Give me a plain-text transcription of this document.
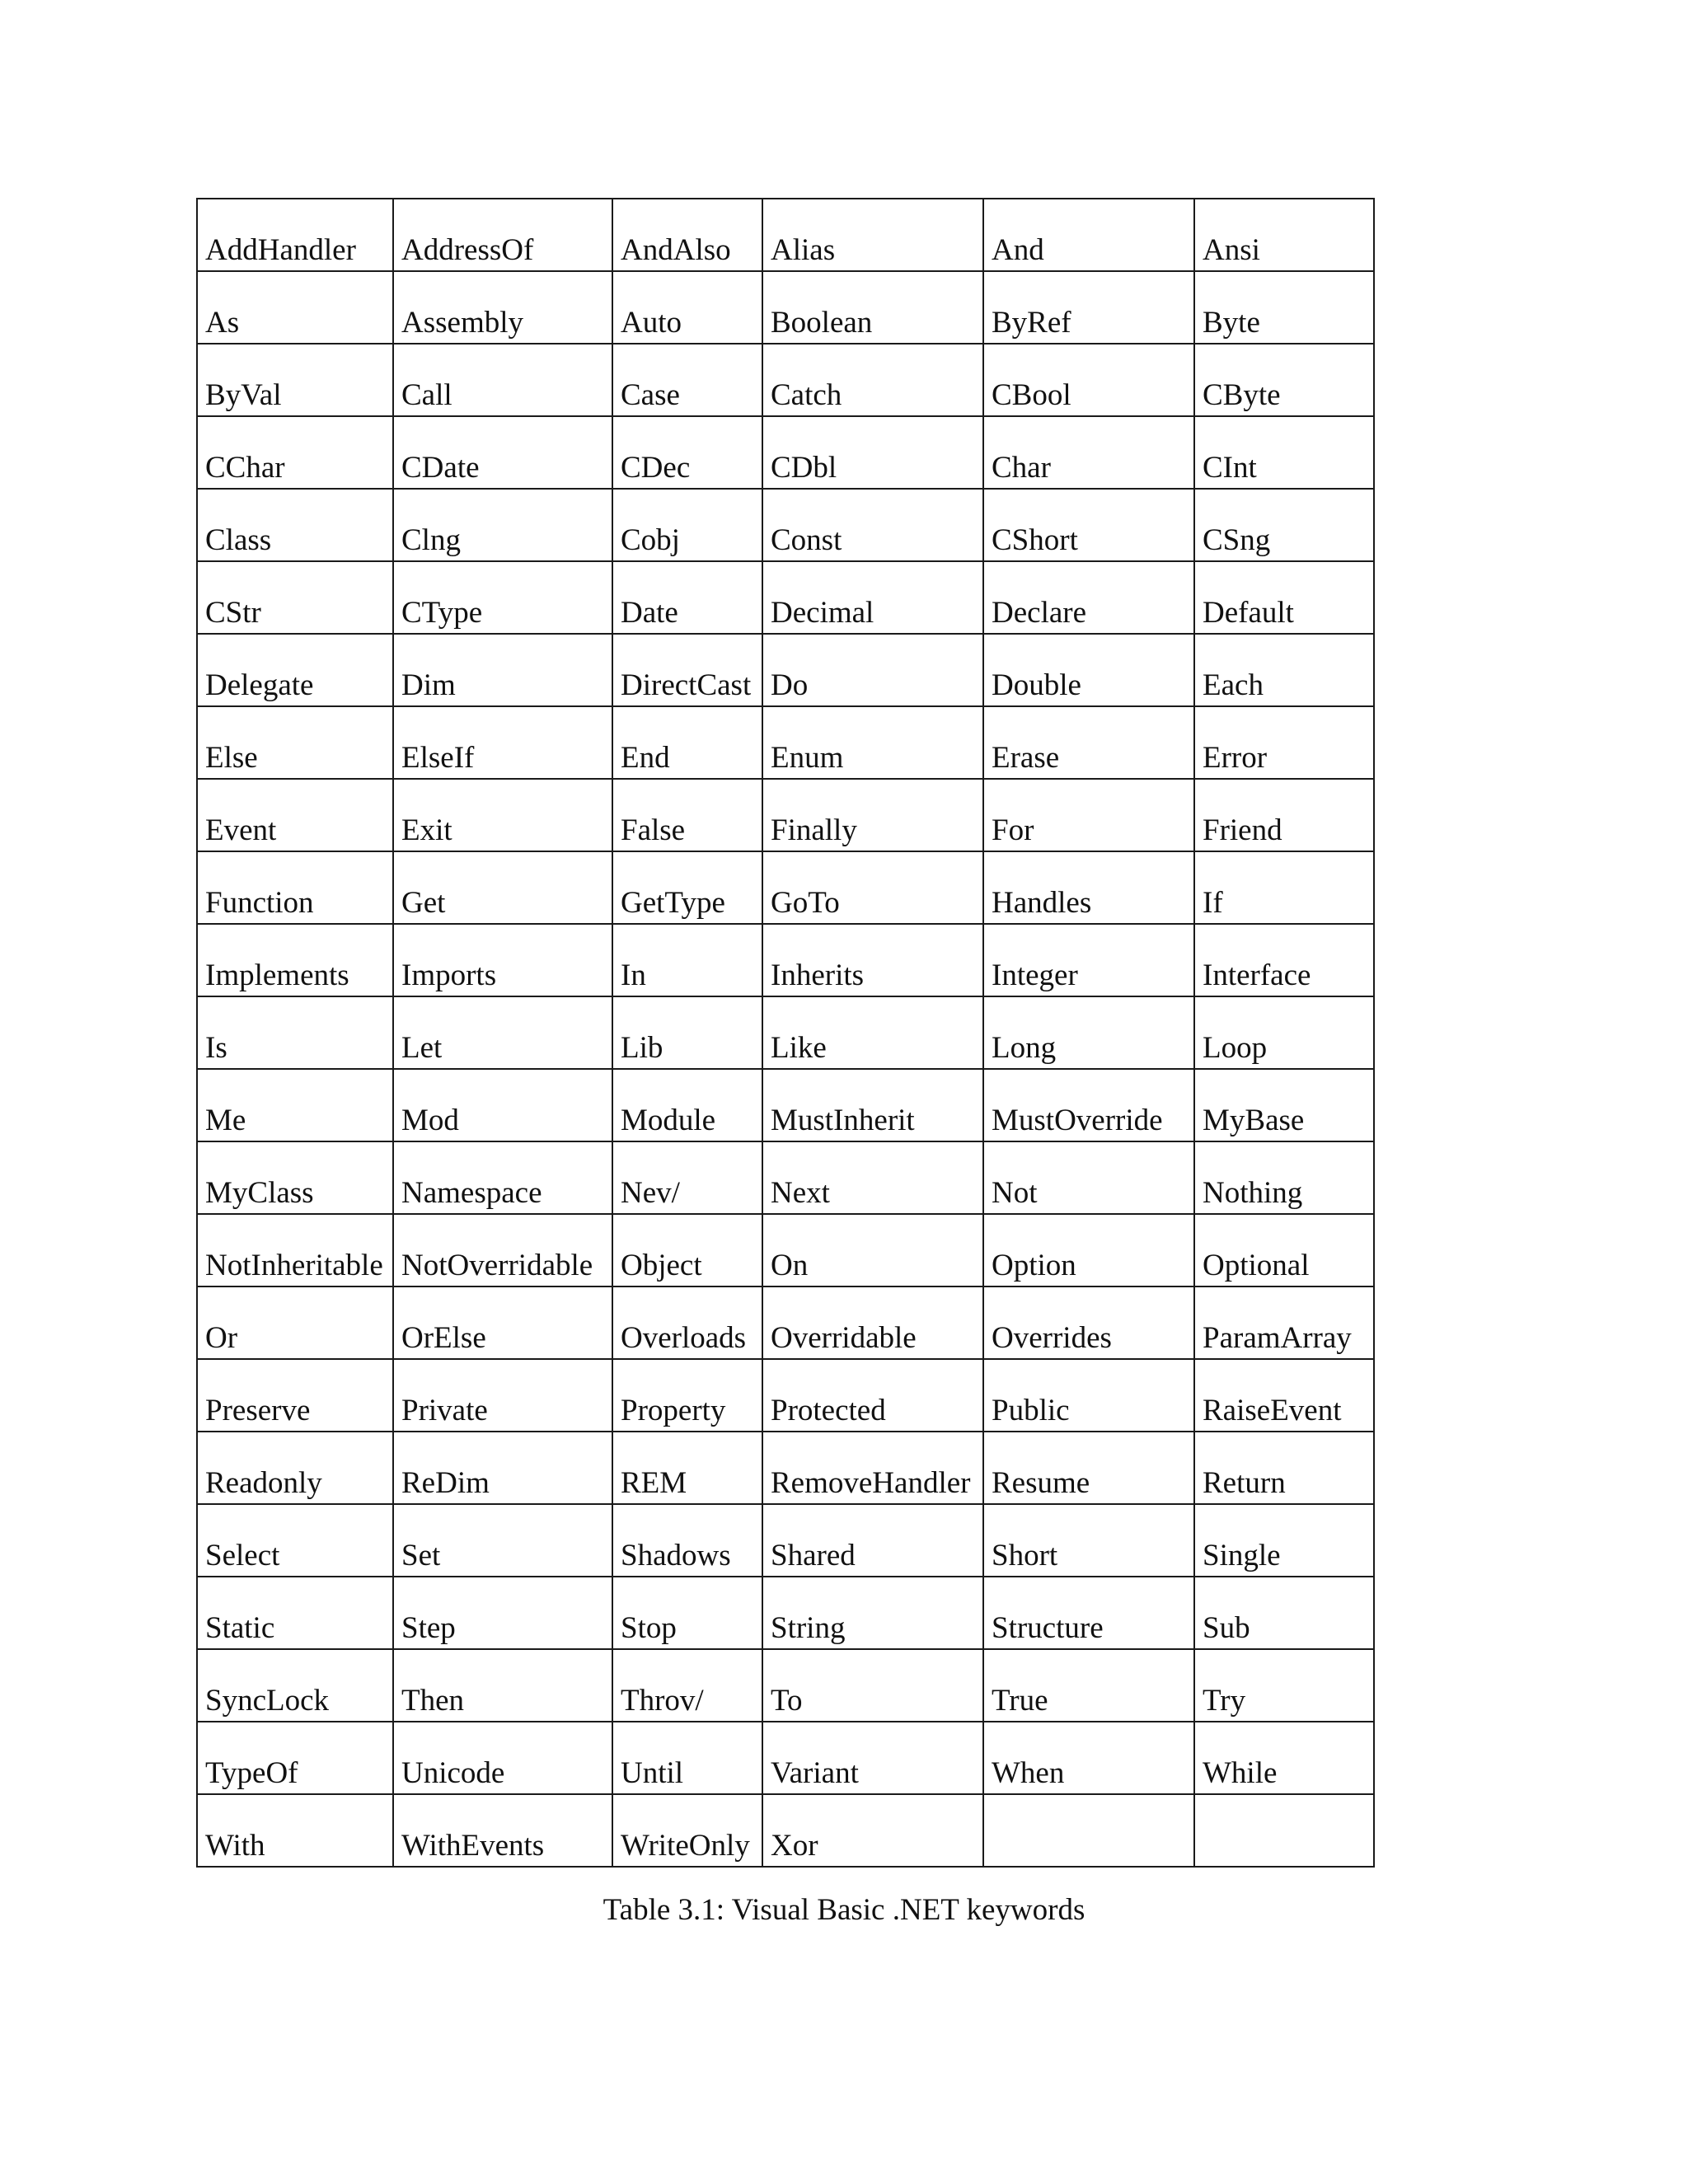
AddHandler	AddressOf	AndAlso	Alias	And	Ansi
As	Assembly	Auto	Boolean	ByRef	Byte
ByVal	Call	Case	Catch	CBool	CByte
CChar	CDate	CDec	CDbl	Char	CInt
Class	Clng	Cobj	Const	CShort	CSng
CStr	CType	Date	Decimal	Declare	Default
Delegate	Dim	DirectCast	Do	Double	Each
Else	ElseIf	End	Enum	Erase	Error
Event	Exit	False	Finally	For	Friend
Function	Get	GetType	GoTo	Handles	If
Implements	Imports	In	Inherits	Integer	Interface
Is	Let	Lib	Like	Long	Loop
Me	Mod	Module	MustInherit	MustOverride	MyBase
MyClass	Namespace	Nev/	Next	Not	Nothing
NotInheritable	NotOverridable	Object	On	Option	Optional
Or	OrElse	Overloads	Overridable	Overrides	ParamArray
Preserve	Private	Property	Protected	Public	RaiseEvent
Readonly	ReDim	REM	RemoveHandler	Resume	Return
Select	Set	Shadows	Shared	Short	Single
Static	Step	Stop	String	Structure	Sub
SyncLock	Then	Throv/	To	True	Try
TypeOf	Unicode	Until	Variant	When	While
With	WithEvents	WriteOnly	Xor		
Table 3.1: Visual Basic .NET keywords
